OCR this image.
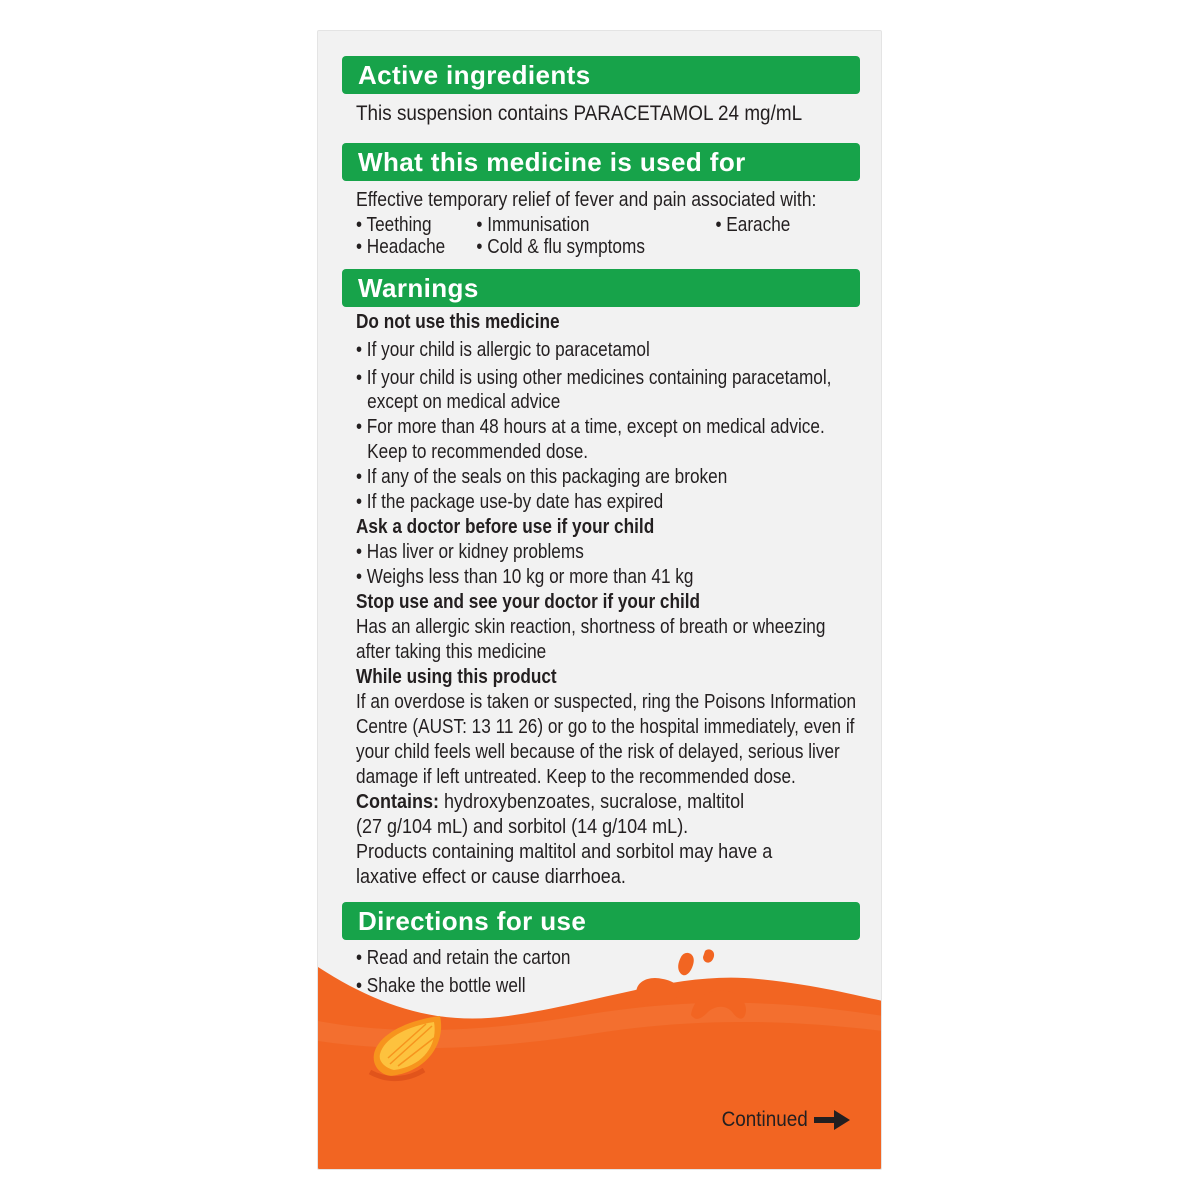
Active ingredients
This suspension contains PARACETAMOL 24 mg/mL
What this medicine is used for
Effective temporary relief of fever and pain associated with:
• Teething • Immunisation	• Earache
• Headache • Cold & flu symptoms
Warnings
Do not use this medicine
• If your child is allergic to paracetamol
• If your child is using other medicines containing paracetamol,
except on medical advice
• For more than 48 hours at a time, except on medical advice.
Keep to recommended dose.
• If any of the seals on this packaging are broken
• If the package use-by date has expired
Ask a doctor before use if your child
• Has liver or kidney problems
• Weighs less than 10 kg or more than 41 kg
Stop use and see your doctor if your child
Has an allergic skin reaction, shortness of breath or wheezing
after taking this medicine
While using this product
If an overdose is taken or suspected, ring the Poisons Information
Centre (AUST: 13 11 26) or go to the hospital immediately, even if
your child feels well because of the risk of delayed, serious liver
damage if left untreated. Keep to the recommended dose.
Contains: hydroxybenzoates, sucralose, maltitol
(27 g/104 mL) and sorbitol (14 g/104 mL).
Products containing maltitol and sorbitol may have a
laxative effect or cause diarrhoea.
Directions for use
• Read and retain the carton
• Shake the bottle well
Continued
